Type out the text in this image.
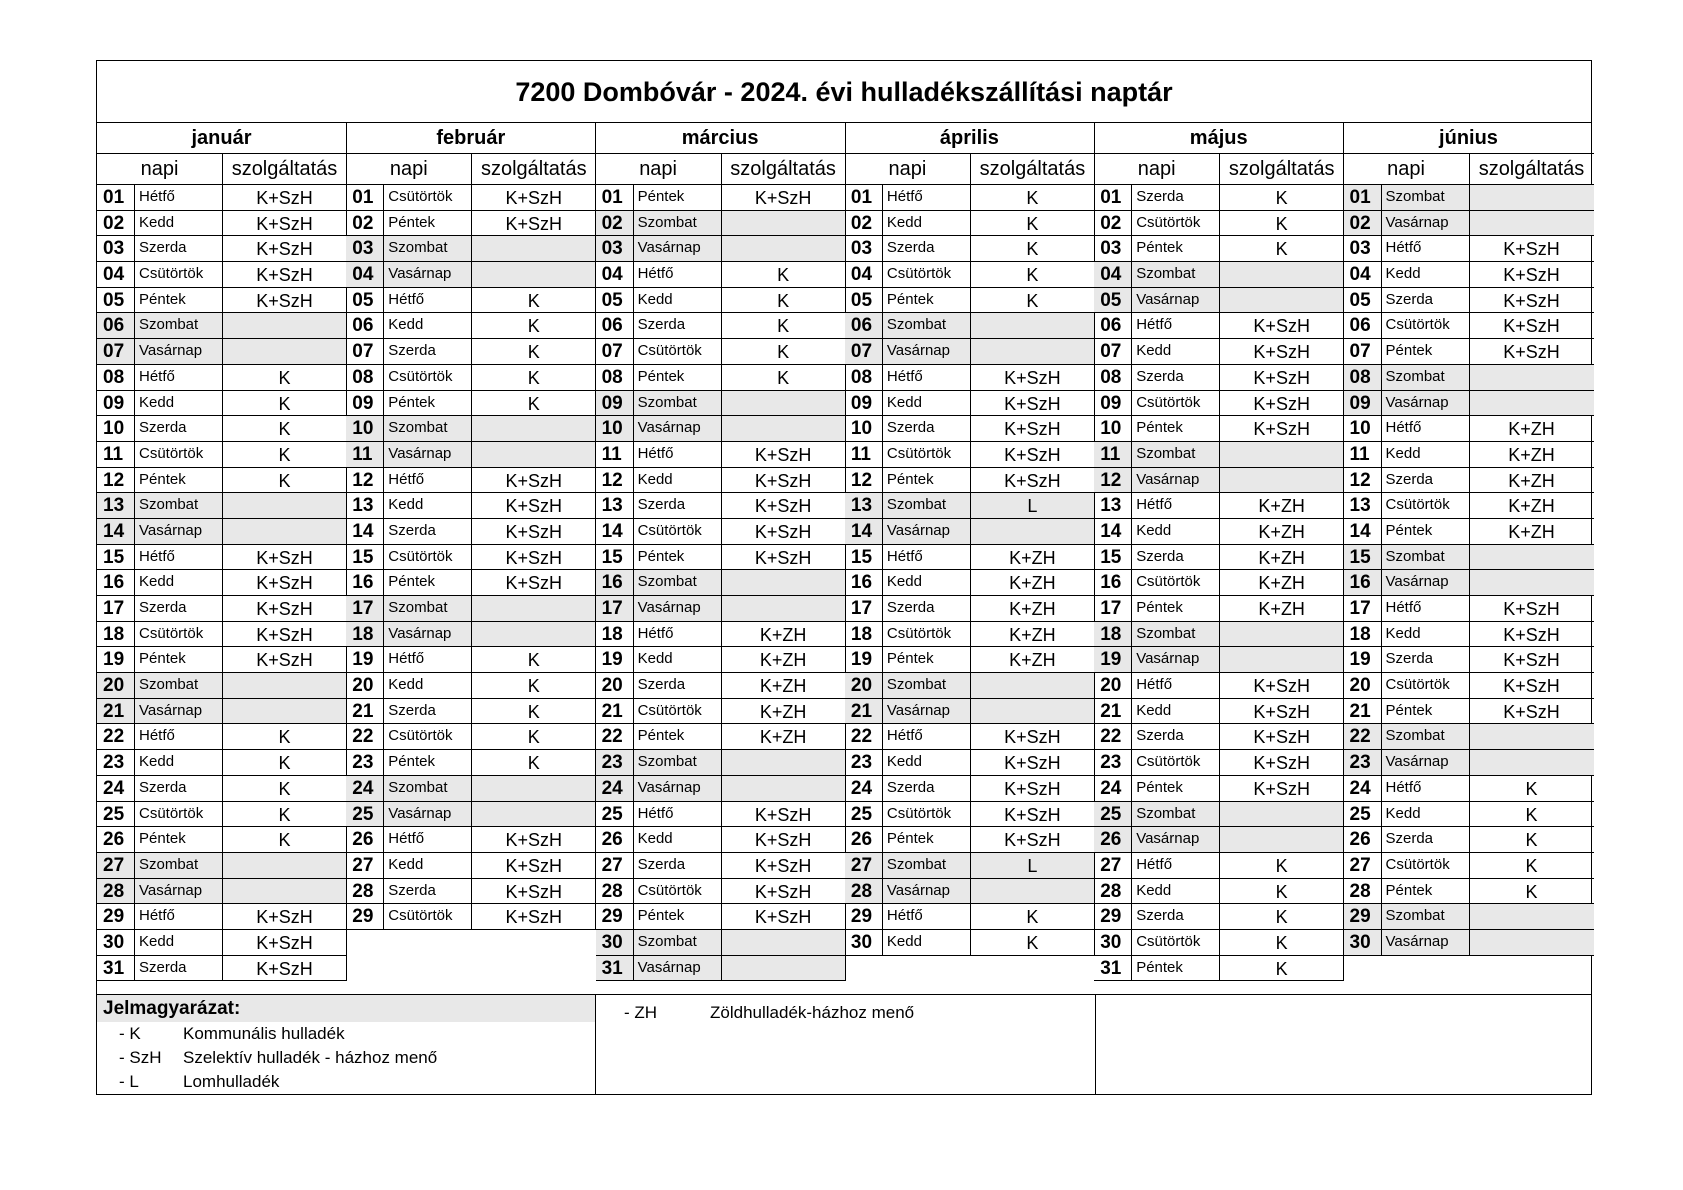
7200 Dombóvár - 2024. évi hulladékszállítási naptár
január
napi	szolgáltatás
01 Hétfő	K+SzH
02 Kedd	K+SzH
03 Szerda	K+SzH
04 Csütörtök	K+SzH
05 Péntek	K+SzH
06 Szombat
07 Vasárnap
08 Hétfő	K
09 Kedd	K
10 Szerda	K
11	Csütörtök	K
12 Péntek	K
13 Szombat
14 Vasárnap
15 Hétfő	K+SzH
16 Kedd	K+SzH
17 Szerda	K+SzH
18 Csütörtök	K+SzH
19 Péntek	K+SzH
20 Szombat
21 Vasárnap
22 Hétfő	K
23 Kedd	K
24 Szerda	K
25 Csütörtök	K
26 Péntek	K
27 Szombat
28 Vasárnap
29 Hétfő	K+SzH
30 Kedd	K+SzH
31 Szerda	K+SzH
február
napi	szolgáltatás
01 Csütörtök	K+SzH
02 Péntek	K+SzH
03 Szombat
04 Vasárnap
05 Hétfő	K
06 Kedd	K
07 Szerda	K
08 Csütörtök	K
09 Péntek	K
10 Szombat
11	Vasárnap
12 Hétfő	K+SzH
13 Kedd	K+SzH
14 Szerda	K+SzH
15 Csütörtök	K+SzH
16 Péntek	K+SzH
17 Szombat
18 Vasárnap
19 Hétfő	K
20 Kedd	K
21 Szerda	K
22 Csütörtök	K
23 Péntek	K
24 Szombat
25 Vasárnap
26 Hétfő	K+SzH
27 Kedd	K+SzH
28 Szerda	K+SzH
29 Csütörtök	K+SzH
március
napi	szolgáltatás
01 Péntek	K+SzH
02 Szombat
03 Vasárnap
04 Hétfő	K
05 Kedd	K
06 Szerda	K
07 Csütörtök	K
08 Péntek	K
09 Szombat
10 Vasárnap
11	Hétfő	K+SzH
12 Kedd	K+SzH
13 Szerda	K+SzH
14 Csütörtök	K+SzH
15 Péntek	K+SzH
16 Szombat
17 Vasárnap
18 Hétfő	K+ZH
19 Kedd	K+ZH
20 Szerda	K+ZH
21 Csütörtök	K+ZH
22 Péntek	K+ZH
23 Szombat
24 Vasárnap
25 Hétfő	K+SzH
26 Kedd	K+SzH
27 Szerda	K+SzH
28 Csütörtök	K+SzH
29 Péntek	K+SzH
30 Szombat
31 Vasárnap
április
napi	szolgáltatás
01 Hétfő	K
02 Kedd	K
03 Szerda	K
04 Csütörtök	K
05 Péntek	K
06 Szombat
07 Vasárnap
08 Hétfő	K+SzH
09 Kedd	K+SzH
10 Szerda	K+SzH
11	Csütörtök	K+SzH
12 Péntek	K+SzH
13 Szombat	L
14 Vasárnap
15 Hétfő	K+ZH
16 Kedd	K+ZH
17 Szerda	K+ZH
18 Csütörtök	K+ZH
19 Péntek	K+ZH
20 Szombat
21 Vasárnap
22 Hétfő	K+SzH
23 Kedd	K+SzH
24 Szerda	K+SzH
25 Csütörtök	K+SzH
26 Péntek	K+SzH
27 Szombat	L
28 Vasárnap
29 Hétfő	K
30 Kedd	K
május
napi	szolgáltatás
01 Szerda	K
02 Csütörtök	K
03 Péntek	K
04 Szombat
05 Vasárnap
06 Hétfő	K+SzH
07 Kedd	K+SzH
08 Szerda	K+SzH
09 Csütörtök	K+SzH
10 Péntek	K+SzH
11	Szombat
12 Vasárnap
13 Hétfő	K+ZH
14 Kedd	K+ZH
15 Szerda	K+ZH
16 Csütörtök	K+ZH
17 Péntek	K+ZH
18 Szombat
19 Vasárnap
20 Hétfő	K+SzH
21 Kedd	K+SzH
22 Szerda	K+SzH
23 Csütörtök	K+SzH
24 Péntek	K+SzH
25 Szombat
26 Vasárnap
27 Hétfő	K
28 Kedd	K
29 Szerda	K
30 Csütörtök	K
31 Péntek	K
június
napi	szolgáltatás
01 Szombat
02 Vasárnap
03 Hétfő	K+SzH
04 Kedd	K+SzH
05 Szerda	K+SzH
06 Csütörtök	K+SzH
07 Péntek	K+SzH
08 Szombat
09 Vasárnap
10 Hétfő	K+ZH
11	Kedd	K+ZH
12 Szerda	K+ZH
13 Csütörtök	K+ZH
14 Péntek	K+ZH
15 Szombat
16 Vasárnap
17 Hétfő	K+SzH
18 Kedd	K+SzH
19 Szerda	K+SzH
20 Csütörtök	K+SzH
21 Péntek	K+SzH
22 Szombat
23 Vasárnap
24 Hétfő	K
25 Kedd	K
26 Szerda	K
27 Csütörtök	K
28 Péntek	K
29 Szombat
30 Vasárnap
Jelmagyarázat:
- K	Kommunális hulladék
- SzH	Szelektív hulladék - házhoz menő
- L	Lomhulladék
- ZH	Zöldhulladék-házhoz menő
